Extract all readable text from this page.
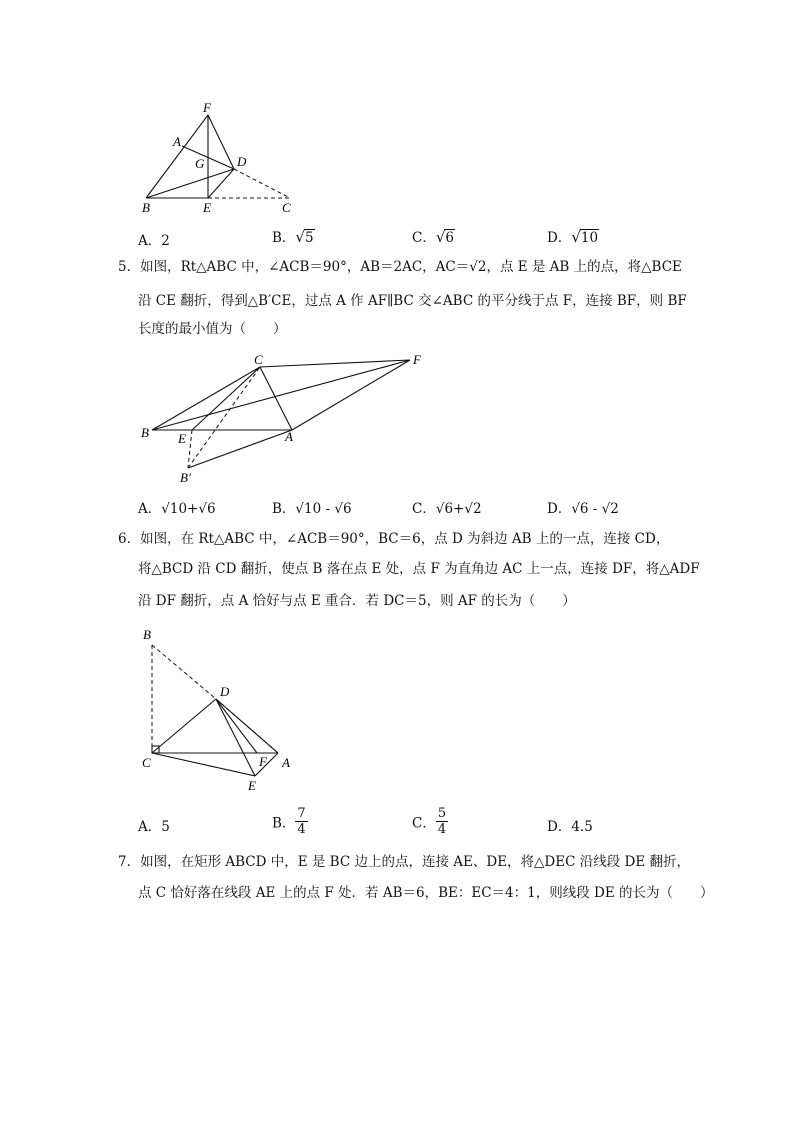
F
A
G	D
B	E	C
A．2	B．√5	C．√6	D．√10
5．如图，Rt△ABC 中，∠ACB＝90°，AB＝2AC，AC＝√2，点 E 是 AB 上的点，将△BCE
沿 CE 翻折，得到△B′CE，过点 A 作 AF∥BC 交∠ABC 的平分线于点 F，连接 BF，则 BF
长度的最小值为（　　）
C	F
B E	A
B′
A．√10+√6	B．√10 - √6	C．√6+√2	D．√6 - √2
6．如图，在 Rt△ABC 中，∠ACB＝90°，BC＝6，点 D 为斜边 AB 上的一点，连接 CD，
将△BCD 沿 CD 翻折，使点 B 落在点 E 处，点 F 为直角边 AC 上一点，连接 DF，将△ADF
沿 DF 翻折，点 A 恰好与点 E 重合．若 DC＝5，则 AF 的长为（　　）
B
D
C	F A
E
A．5	B． $\frac{7}{4}$	C． $\frac{5}{4}$	D．4.5
7．如图，在矩形 ABCD 中，E 是 BC 边上的点，连接 AE、DE，将△DEC 沿线段 DE 翻折，
点 C 恰好落在线段 AE 上的点 F 处．若 AB＝6，BE：EC＝4：1，则线段 DE 的长为（　　）
